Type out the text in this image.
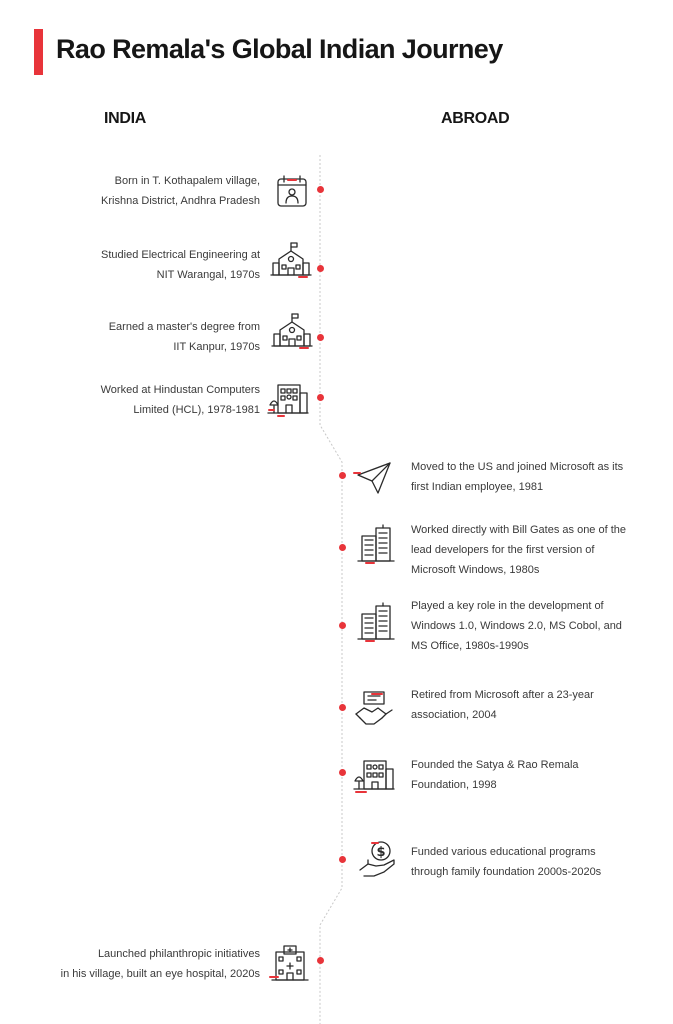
Rao Remala's Global Indian Journey
INDIA	ABROAD
Born in T. Kothapalem village,
Krishna District, Andhra Pradesh
Studied Electrical Engineering at
NIT Warangal, 1970s
Earned a master's degree from
IIT Kanpur, 1970s
Worked at Hindustan Computers
Limited (HCL), 1978-1981
Moved to the US and joined Microsoft as its
first Indian employee, 1981
Worked directly with Bill Gates as one of the
lead developers for the first version of
Microsoft Windows, 1980s
Played a key role in the development of
Windows 1.0, Windows 2.0, MS Cobol, and
MS Office, 1980s-1990s
Retired from Microsoft after a 23-year
association, 2004
Founded the Satya & Rao Remala
Foundation, 1998
Funded various educational programs
through family foundation 2000s-2020s
$
Launched philanthropic initiatives
in his village, built an eye hospital, 2020s
